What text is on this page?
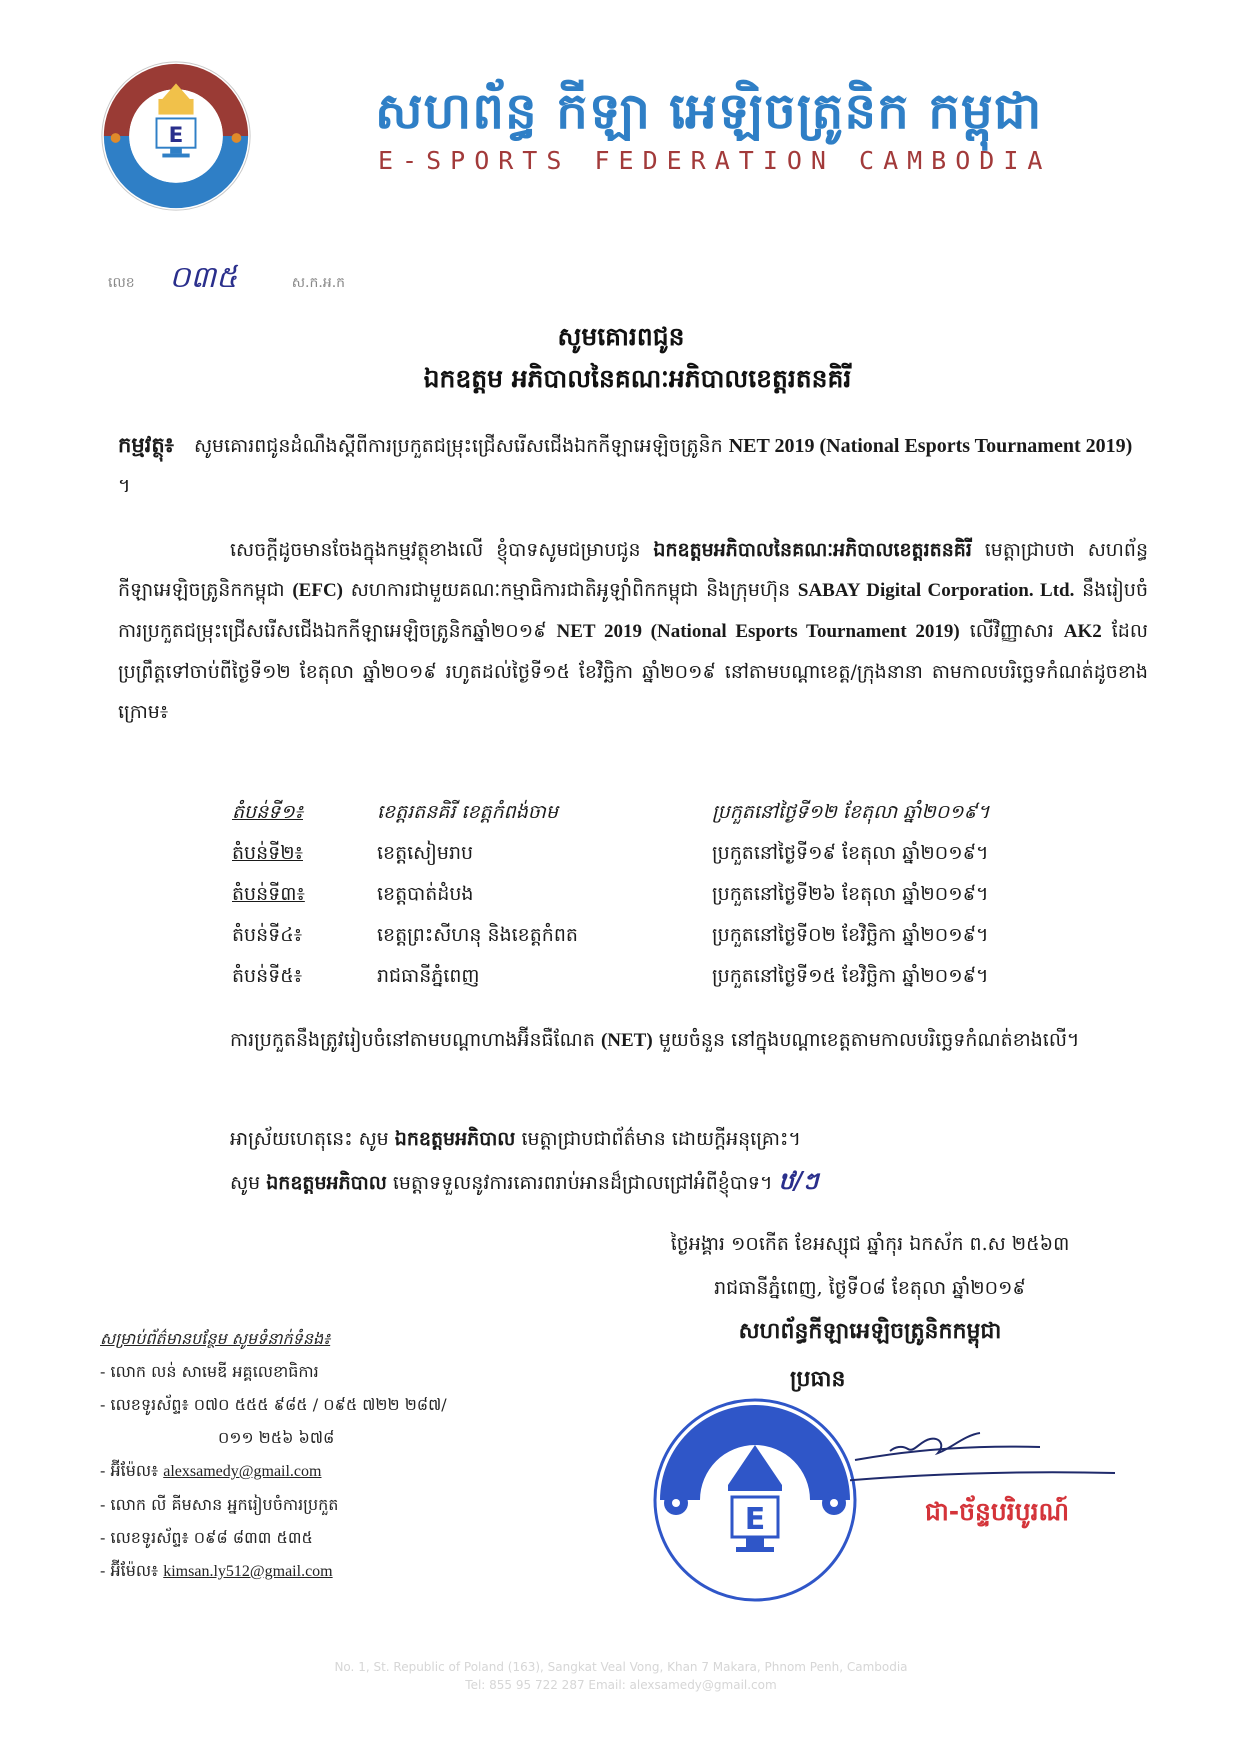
E	សហព័ន្ធ កីឡា អេឡិចត្រូនិក កម្ពុជា
E-SPORTS FEDERATION CAMBODIA
លេខ ០៣៥	ស.ក.អ.ក
សូមគោរពជូន
ឯកឧត្តម អភិបាលនៃគណៈអភិបាលខេត្តរតនគិរី
កម្មវត្ថុ៖ សូមគោរពជូនដំណឹងស្តីពីការប្រកួតជម្រុះជ្រើសរើសជើងឯកកីឡាអេឡិចត្រូនិក NET 2019 (National Esports Tournament 2019) ។
សេចក្តីដូចមានចែងក្នុងកម្មវត្ថុខាងលើ ខ្ញុំបាទសូមជម្រាបជូន ឯកឧត្តមអភិបាលនៃគណៈអភិបាលខេត្តរតនគិរី មេត្តាជ្រាបថា សហព័ន្ធកីឡាអេឡិចត្រូនិកកម្ពុជា (EFC) សហការជាមួយគណៈកម្មាធិការជាតិអូឡាំពិកកម្ពុជា និងក្រុមហ៊ុន SABAY Digital Corporation. Ltd. នឹងរៀបចំការប្រកួតជម្រុះជ្រើសរើសជើងឯកកីឡាអេឡិចត្រូនិកឆ្នាំ២០១៩ NET 2019 (National Esports Tournament 2019) លើវិញ្ញាសារ AK2 ដែលប្រព្រឹត្តទៅចាប់ពីថ្ងៃទី១២ ខែតុលា ឆ្នាំ២០១៩ រហូតដល់ថ្ងៃទី១៥ ខែវិច្ឆិកា ឆ្នាំ២០១៩ នៅតាមបណ្តាខេត្ត/ក្រុងនានា តាមកាលបរិច្ឆេទកំណត់ដូចខាងក្រោម៖
តំបន់ទី១៖	ខេត្តរតនគិរី ខេត្តកំពង់ចាម	ប្រកួតនៅថ្ងៃទី១២ ខែតុលា ឆ្នាំ២០១៩។
តំបន់ទី២៖	ខេត្តសៀមរាប	ប្រកួតនៅថ្ងៃទី១៩ ខែតុលា ឆ្នាំ២០១៩។
តំបន់ទី៣៖	ខេត្តបាត់ដំបង	ប្រកួតនៅថ្ងៃទី២៦ ខែតុលា ឆ្នាំ២០១៩។
តំបន់ទី៤៖	ខេត្តព្រះសីហនុ និងខេត្តកំពត	ប្រកួតនៅថ្ងៃទី០២ ខែវិច្ឆិកា ឆ្នាំ២០១៩។
តំបន់ទី៥៖	រាជធានីភ្នំពេញ	ប្រកួតនៅថ្ងៃទី១៥ ខែវិច្ឆិកា ឆ្នាំ២០១៩។
ការប្រកួតនឹងត្រូវរៀបចំនៅតាមបណ្តាហាងអ៊ីនធឺណែត (NET) មួយចំនួន នៅក្នុងបណ្តាខេត្តតាមកាលបរិច្ឆេទកំណត់ខាងលើ។
អាស្រ័យហេតុនេះ សូម ឯកឧត្តមអភិបាល មេត្តាជ្រាបជាព័ត៌មាន ដោយក្តីអនុគ្រោះ។
សូម ឯកឧត្តមអភិបាល មេត្តាទទួលនូវការគោរពរាប់អានដ៏ជ្រាលជ្រៅអំពីខ្ញុំបាទ។ ឋ/ៗ
ថ្ងៃអង្គារ ១០កើត ខែអស្សុជ ឆ្នាំកុរ ឯកស័ក ព.ស ២៥៦៣
រាជធានីភ្នំពេញ, ថ្ងៃទី០៨ ខែតុលា ឆ្នាំ២០១៩
សហព័ន្ធកីឡាអេឡិចត្រូនិកកម្ពុជា
ប្រធាន
E	ជា-ច័ន្ទបរិបូរណ៍
សម្រាប់ព័ត៌មានបន្ថែម សូមទំនាក់ទំនង៖
- លោក លន់ សាមេឌី អគ្គលេខាធិការ
- លេខទូរស័ព្ទ៖ ០៧០ ៥៥៥ ៩៨៥ / ០៩៥ ៧២២ ២៨៧/
០១១ ២៥៦ ៦៧៨
- អ៊ីម៉ែល៖ alexsamedy@gmail.com
- លោក លី គីមសាន អ្នករៀបចំការប្រកួត
- លេខទូរស័ព្ទ៖ ០៩៨ ៨៣៣ ៥៣៥
- អ៊ីម៉ែល៖ kimsan.ly512@gmail.com
No. 1, St. Republic of Poland (163), Sangkat Veal Vong, Khan 7 Makara, Phnom Penh, Cambodia
Tel: 855 95 722 287 Email: alexsamedy@gmail.com
